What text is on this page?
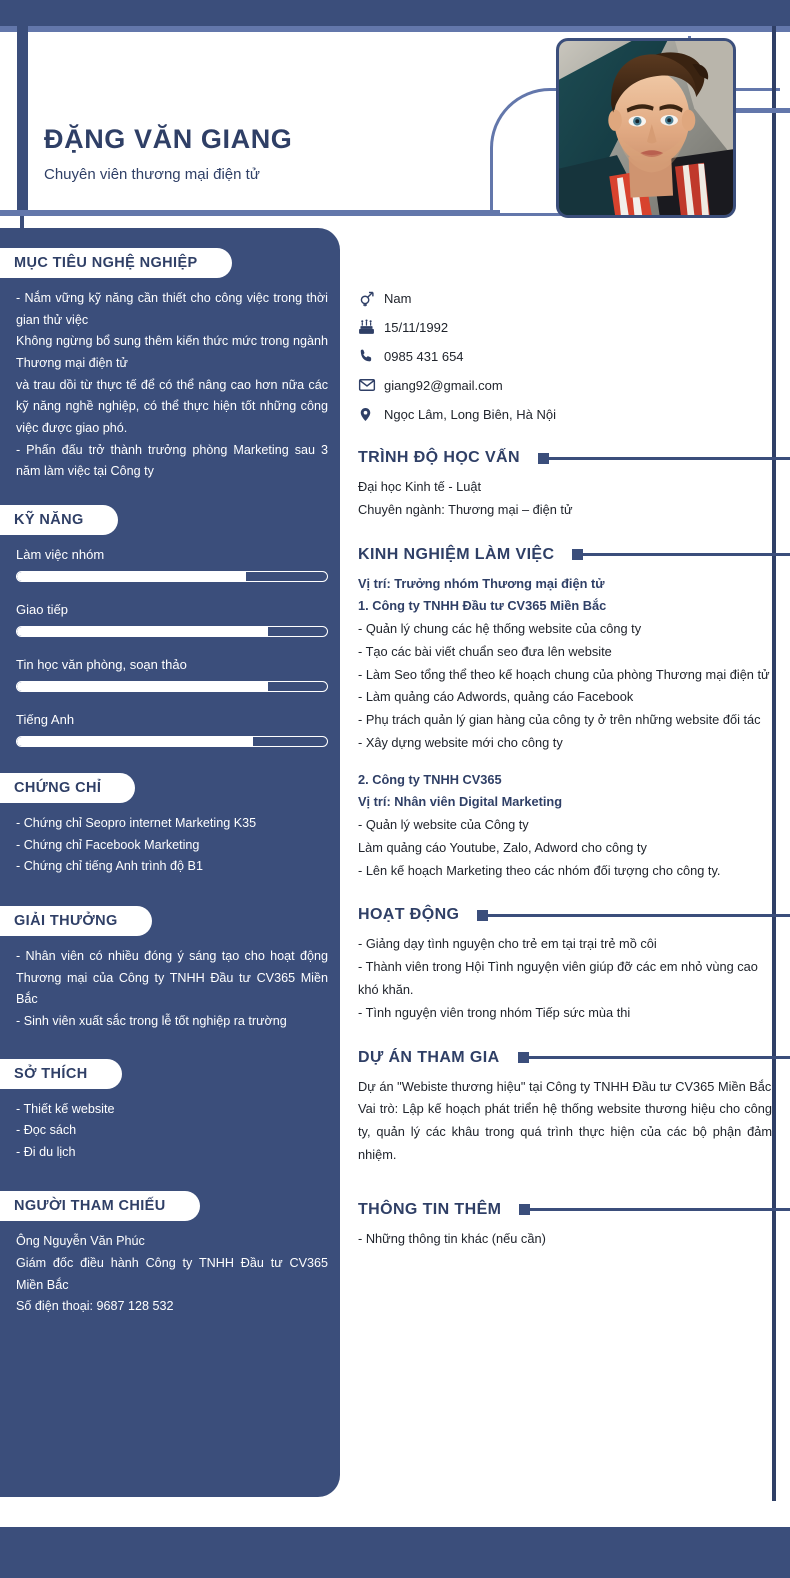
ĐẶNG VĂN GIANG
Chuyên viên thương mại điện tử
MỤC TIÊU NGHỆ NGHIỆP

- Nắm vững kỹ năng cần thiết cho công việc trong thời gian thử việc

Không ngừng bổ sung thêm kiến thức mức trong ngành Thương mại điện tử

và trau dồi từ thực tế để có thể nâng cao hơn nữa các kỹ năng nghề nghiệp, có thể thực hiện tốt những công việc được giao phó.

- Phấn đấu trở thành trưởng phòng Marketing sau 3 năm làm việc tại Công ty

KỸ NĂNG
Làm việc nhóm
Giao tiếp
Tin học văn phòng, soạn thảo
Tiếng Anh
CHỨNG CHỈ

- Chứng chỉ Seopro internet Marketing K35

- Chứng chỉ Facebook Marketing

- Chứng chỉ tiếng Anh trình độ B1

GIẢI THƯỞNG

- Nhân viên có nhiều đóng ý sáng tạo cho hoạt động Thương mại của Công ty TNHH Đầu tư CV365 Miền Bắc

- Sinh viên xuất sắc trong lễ tốt nghiệp ra trường

SỞ THÍCH

- Thiết kế website

- Đọc sách

- Đi du lịch

NGƯỜI THAM CHIẾU

Ông Nguyễn Văn Phúc

Giám đốc điều hành Công ty TNHH Đầu tư CV365 Miền Bắc

Số điện thoại: 9687 128 532

Nam
15/11/1992
0985 431 654
giang92@gmail.com
Ngọc Lâm, Long Biên, Hà Nội
TRÌNH ĐỘ HỌC VẤN

Đại học Kinh tế - Luật

Chuyên ngành: Thương mại – điện tử

KINH NGHIỆM LÀM VIỆC

Vị trí: Trưởng nhóm Thương mại điện tử

1. Công ty TNHH Đầu tư CV365 Miền Bắc

- Quản lý chung các hệ thống website của công ty

- Tạo các bài viết chuẩn seo đưa lên website

- Làm Seo tổng thể theo kế hoạch chung của phòng Thương mại điện tử

- Làm quảng cáo Adwords, quảng cáo Facebook

- Phụ trách quản lý gian hàng của công ty ở trên những website đối tác

- Xây dựng website mới cho công ty

2. Công ty TNHH CV365

Vị trí: Nhân viên Digital Marketing

- Quản lý website của Công ty

Làm quảng cáo Youtube, Zalo, Adword cho công ty

- Lên kế hoạch Marketing theo các nhóm đối tượng cho công ty.

HOẠT ĐỘNG

- Giảng dạy tình nguyện cho trẻ em tại trại trẻ mồ côi

- Thành viên trong Hội Tình nguyện viên giúp đỡ các em nhỏ vùng cao khó khăn.

- Tình nguyện viên trong nhóm Tiếp sức mùa thi

DỰ ÁN THAM GIA

Dự án "Webiste thương hiệu" tại Công ty TNHH Đầu tư CV365 Miền Bắc

Vai trò: Lập kế hoạch phát triển hệ thống website thương hiệu cho công ty, quản lý các khâu trong quá trình thực hiện của các bộ phận đảm nhiệm.

THÔNG TIN THÊM

- Những thông tin khác (nếu cần)
